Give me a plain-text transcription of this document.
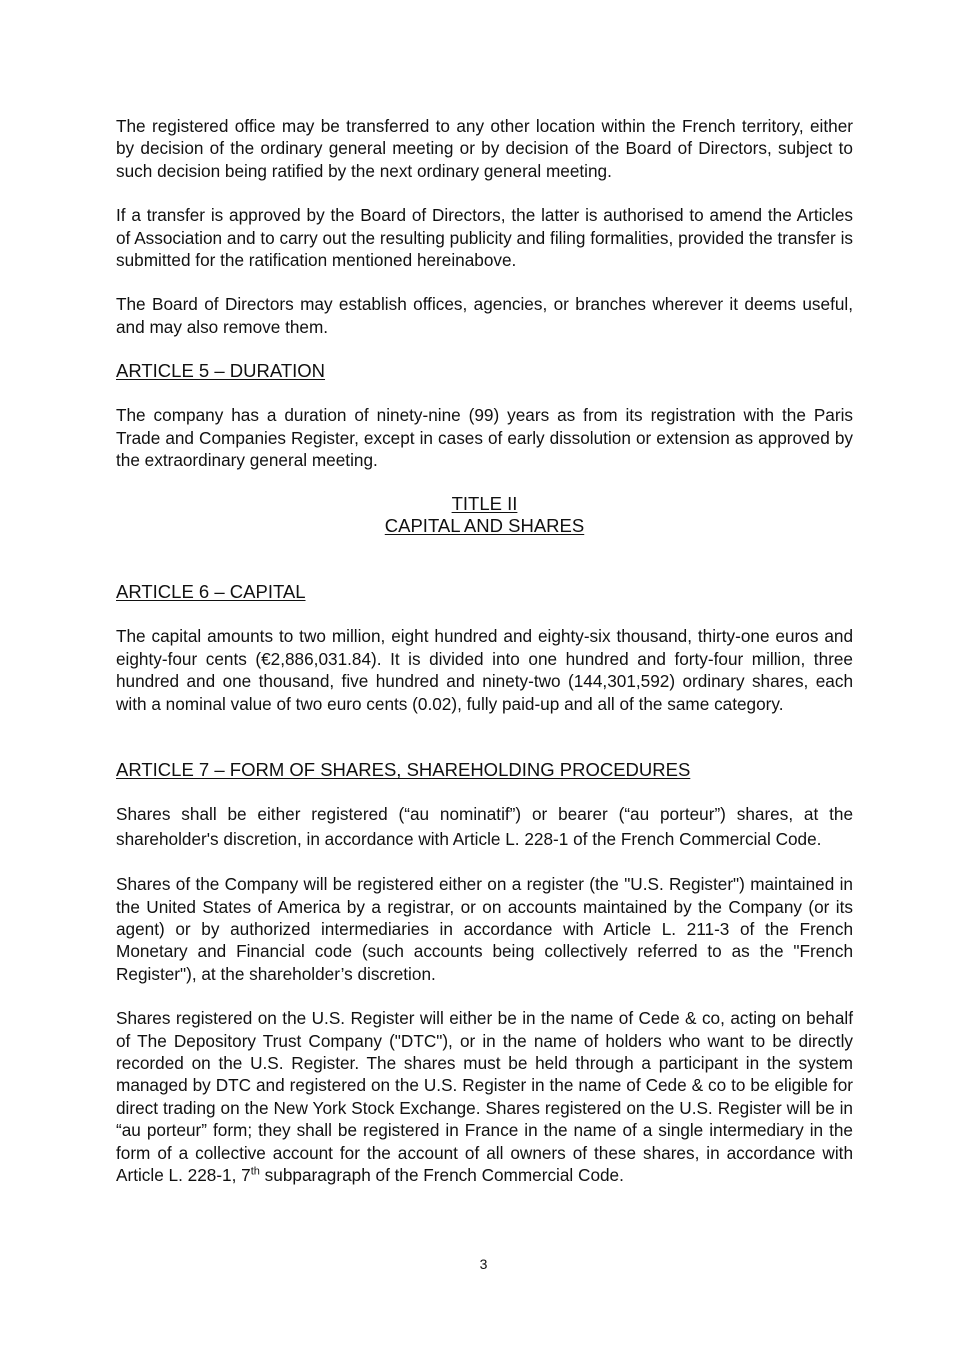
The registered office may be transferred to any other location within the French territory, either by decision of the ordinary general meeting or by decision of the Board of Directors, subject to such decision being ratified by the next ordinary general meeting.

If a transfer is approved by the Board of Directors, the latter is authorised to amend the Articles of Association and to carry out the resulting publicity and filing formalities, provided the transfer is submitted for the ratification mentioned hereinabove.

The Board of Directors may establish offices, agencies, or branches wherever it deems useful, and may also remove them.

ARTICLE 5 – DURATION

The company has a duration of ninety-nine (99) years as from its registration with the Paris Trade and Companies Register, except in cases of early dissolution or extension as approved by the extraordinary general meeting.

TITLE II
CAPITAL AND SHARES
ARTICLE 6 – CAPITAL

The capital amounts to two million, eight hundred and eighty-six thousand, thirty-one euros and eighty-four cents (€2,886,031.84). It is divided into one hundred and forty-four million, three hundred and one thousand, five hundred and ninety-two (144,301,592) ordinary shares, each with a nominal value of two euro cents (0.02), fully paid-up and all of the same category.

ARTICLE 7 – FORM OF SHARES, SHAREHOLDING PROCEDURES

Shares shall be either registered (“au nominatif”) or bearer (“au porteur”) shares, at the shareholder's discretion, in accordance with Article L. 228-1 of the French Commercial Code.

Shares of the Company will be registered either on a register (the "U.S. Register") maintained in the United States of America by a registrar, or on accounts maintained by the Company (or its agent) or by authorized intermediaries in accordance with Article L. 211-3 of the French Monetary and Financial code (such accounts being collectively referred to as the "French Register"), at the shareholder’s discretion.

Shares registered on the U.S. Register will either be in the name of Cede & co, acting on behalf of The Depository Trust Company ("DTC"), or in the name of holders who want to be directly recorded on the U.S. Register. The shares must be held through a participant in the system managed by DTC and registered on the U.S. Register in the name of Cede & co to be eligible for direct trading on the New York Stock Exchange. Shares registered on the U.S. Register will be in “au porteur” form; they shall be registered in France in the name of a single intermediary in the form of a collective account for the account of all owners of these shares, in accordance with Article L. 228-1, 7th subparagraph of the French Commercial Code.

3
